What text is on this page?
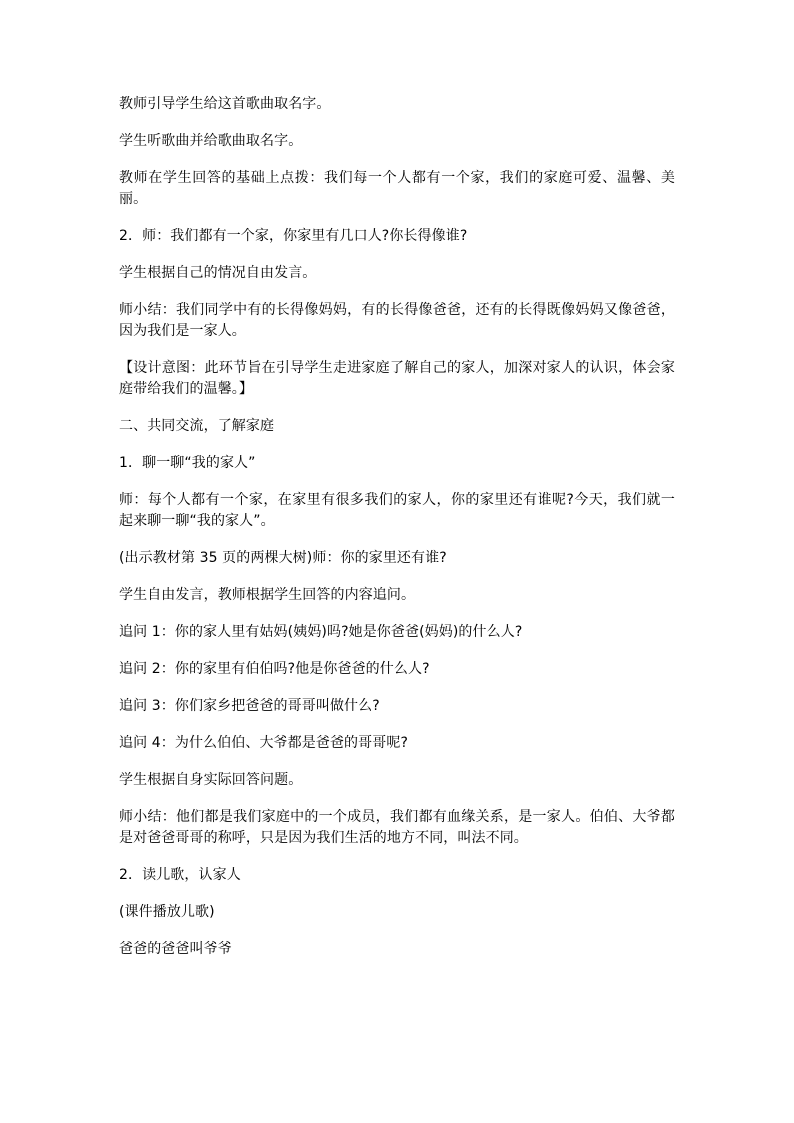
教师引导学生给这首歌曲取名字。

学生听歌曲并给歌曲取名字。

教师在学生回答的基础上点拨：我们每一个人都有一个家，我们的家庭可爱、温馨、美丽。

2．师：我们都有一个家，你家里有几口人?你长得像谁?

学生根据自己的情况自由发言。

师小结：我们同学中有的长得像妈妈，有的长得像爸爸，还有的长得既像妈妈又像爸爸，因为我们是一家人。

【设计意图：此环节旨在引导学生走进家庭了解自己的家人，加深对家人的认识，体会家庭带给我们的温馨。】

二、共同交流，了解家庭

1．聊一聊“我的家人”

师：每个人都有一个家，在家里有很多我们的家人，你的家里还有谁呢?今天，我们就一起来聊一聊“我的家人”。

(出示教材第 35 页的两棵大树)师：你的家里还有谁?

学生自由发言，教师根据学生回答的内容追问。

追问 1：你的家人里有姑妈(姨妈)吗?她是你爸爸(妈妈)的什么人?

追问 2：你的家里有伯伯吗?他是你爸爸的什么人?

追问 3：你们家乡把爸爸的哥哥叫做什么?

追问 4：为什么伯伯、大爷都是爸爸的哥哥呢?

学生根据自身实际回答问题。

师小结：他们都是我们家庭中的一个成员，我们都有血缘关系，是一家人。伯伯、大爷都是对爸爸哥哥的称呼，只是因为我们生活的地方不同，叫法不同。

2．读儿歌，认家人

(课件播放儿歌)

爸爸的爸爸叫爷爷
